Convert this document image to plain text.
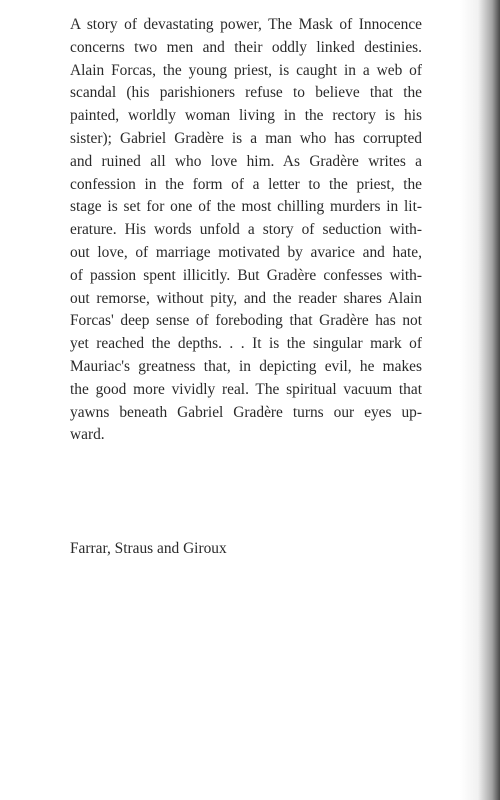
A story of devastating power, The Mask of Innocence
concerns two men and their oddly linked destinies.
Alain Forcas, the young priest, is caught in a web of
scandal (his parishioners refuse to believe that the
painted, worldly woman living in the rectory is his
sister); Gabriel Gradère is a man who has corrupted
and ruined all who love him. As Gradère writes a
confession in the form of a letter to the priest, the
stage is set for one of the most chilling murders in lit-
erature. His words unfold a story of seduction with-
out love, of marriage motivated by avarice and hate,
of passion spent illicitly. But Gradère confesses with-
out remorse, without pity, and the reader shares Alain
Forcas' deep sense of foreboding that Gradère has not
yet reached the depths. . . It is the singular mark of
Mauriac's greatness that, in depicting evil, he makes
the good more vividly real. The spiritual vacuum that
yawns beneath Gabriel Gradère turns our eyes up-
ward.

Farrar, Straus and Giroux
